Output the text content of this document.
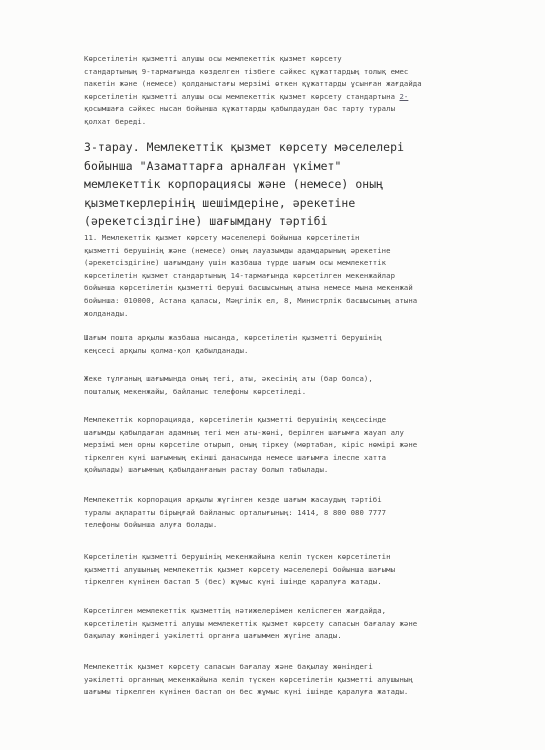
Көрсетілетін қызметті алушы осы мемлекеттік қызмет көрсету
стандартының 9-тармағында көзделген тізбеге сәйкес құжаттардың толық емес
пакетін және (немесе) қолданыстағы мерзімі өткен құжаттарды ұсынған жағдайда
көрсетілетін қызметті алушы осы мемлекеттік қызмет көрсету стандартына 2-
қосымшаға сәйкес нысан бойынша құжаттарды қабылдаудан бас тарту туралы
қолхат береді.
3-тарау. Мемлекеттік қызмет көрсету мәселелері
бойынша "Азаматтарға арналған үкімет"
мемлекеттік корпорациясы және (немесе) оның
қызметкерлерінің шешімдеріне, әрекетіне
(әрекетсіздігіне) шағымдану тәртібі
11. Мемлекеттік қызмет көрсету мәселелері бойынша көрсетілетін
қызметті берушінің және (немесе) оның лауазымды адамдарының әрекетіне
(әрекетсіздігіне) шағымдану үшін жазбаша түрде шағым осы мемлекеттік
көрсетілетін қызмет стандартының 14-тармағында көрсетілген мекенжайлар
бойынша көрсетілетін қызметті беруші басшысының атына немесе мына мекенжай
бойынша: 010000, Астана қаласы, Мәңгілік ел, 8, Министрлік басшысының атына
жолданады.
Шағым пошта арқылы жазбаша нысанда, көрсетілетін қызметті берушінің
кеңсесі арқылы қолма-қол қабылданады.
Жеке тұлғаның шағымында оның тегі, аты, әкесінің аты (бар болса),
пошталық мекенжайы, байланыс телефоны көрсетіледі.
Мемлекеттік корпорацияда, көрсетілетін қызметті берушінің кеңсесінде
шағымды қабылдаған адамның тегі мен аты-жөні, берілген шағымға жауап алу
мерзімі мен орны көрсетіле отырып, оның тіркеу (мөртабан, кіріс нөмірі және
тіркелген күні шағымның екінші данасында немесе шағымға ілеспе хатта
қойылады) шағымның қабылданғанын растау болып табылады.
Мемлекеттік корпорация арқылы жүгінген кезде шағым жасаудың тәртібі
туралы ақпаратты бірыңғай байланыс орталығының: 1414, 8 800 080 7777
телефоны бойынша алуға болады.
Көрсетілетін қызметті берушінің мекенжайына келіп түскен көрсетілетін
қызметті алушының мемлекеттік қызмет көрсету мәселелері бойынша шағымы
тіркелген күнінен бастап 5 (бес) жұмыс күні ішінде қаралуға жатады.
Көрсетілген мемлекеттік қызметтің нәтижелерімен келіспеген жағдайда,
көрсетілетін қызметті алушы мемлекеттік қызмет көрсету сапасын бағалау және
бақылау жөніндегі уәкілетті органға шағыммен жүгіне алады.
Мемлекеттік қызмет көрсету сапасын бағалау және бақылау жөніндегі
уәкілетті органның мекенжайына келіп түскен көрсетілетін қызметті алушының
шағымы тіркелген күнінен бастап он бес жұмыс күні ішінде қаралуға жатады.
